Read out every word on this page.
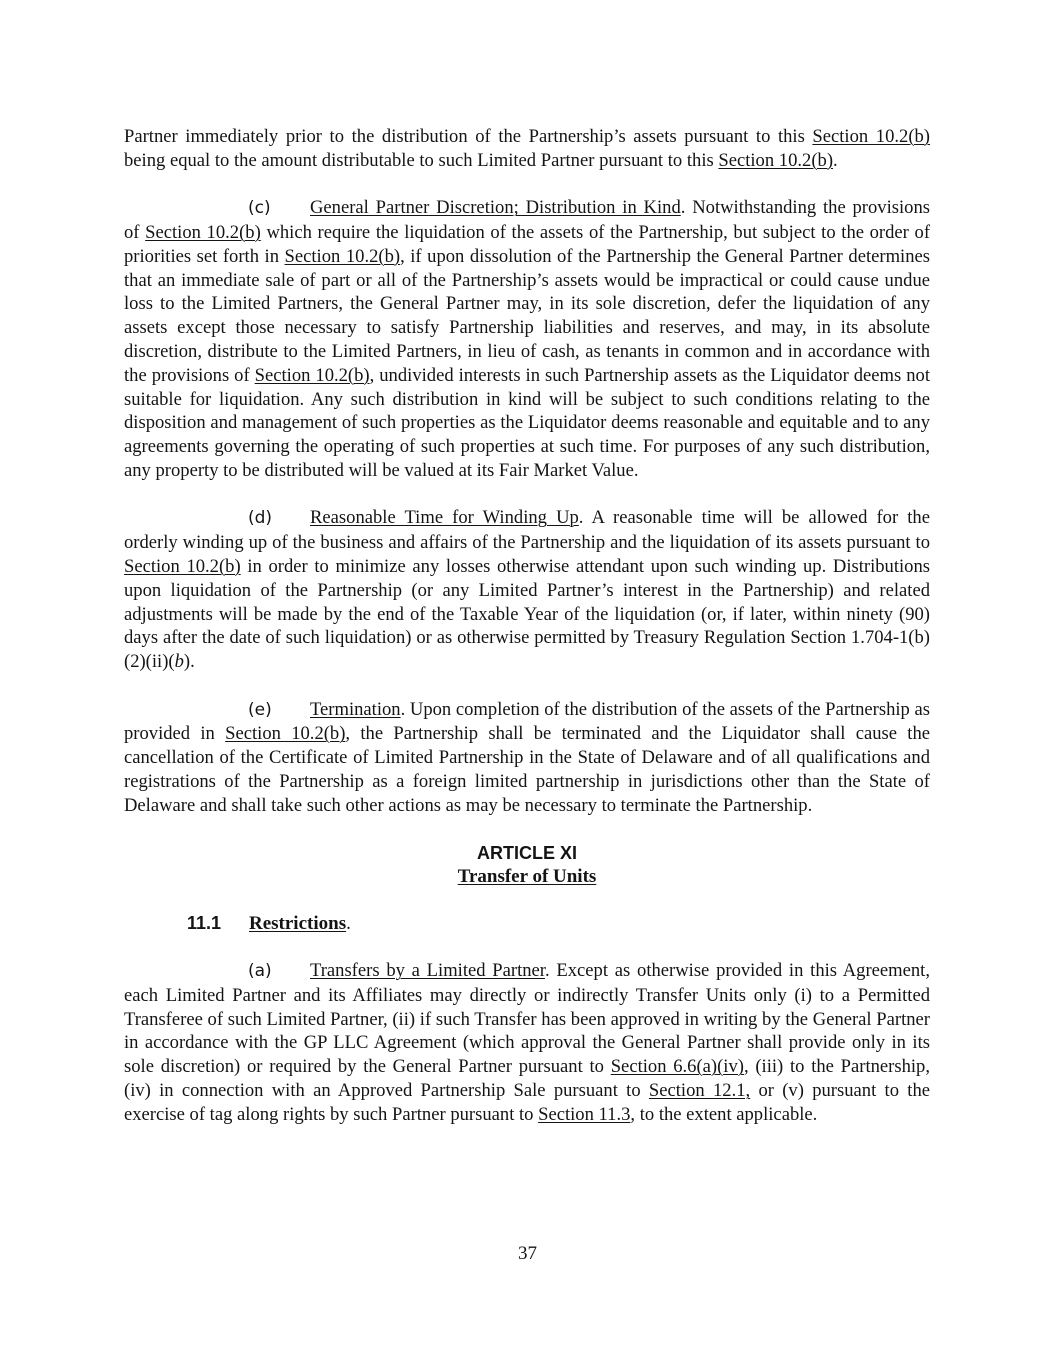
Partner immediately prior to the distribution of the Partnership’s assets pursuant to this Section 10.2(b) being equal to the amount distributable to such Limited Partner pursuant to this Section 10.2(b).

(c) General Partner Discretion; Distribution in Kind. Notwithstanding the provisions of Section 10.2(b) which require the liquidation of the assets of the Partnership, but subject to the order of priorities set forth in Section 10.2(b), if upon dissolution of the Partnership the General Partner determines that an immediate sale of part or all of the Partnership’s assets would be impractical or could cause undue loss to the Limited Partners, the General Partner may, in its sole discretion, defer the liquidation of any assets except those necessary to satisfy Partnership liabilities and reserves, and may, in its absolute discretion, distribute to the Limited Partners, in lieu of cash, as tenants in common and in accordance with the provisions of Section 10.2(b), undivided interests in such Partnership assets as the Liquidator deems not suitable for liquidation. Any such distribution in kind will be subject to such conditions relating to the disposition and management of such properties as the Liquidator deems reasonable and equitable and to any agreements governing the operating of such properties at such time. For purposes of any such distribution, any property to be distributed will be valued at its Fair Market Value.

(d) Reasonable Time for Winding Up. A reasonable time will be allowed for the orderly winding up of the business and affairs of the Partnership and the liquidation of its assets pursuant to Section 10.2(b) in order to minimize any losses otherwise attendant upon such winding up. Distributions upon liquidation of the Partnership (or any Limited Partner’s interest in the Partnership) and related adjustments will be made by the end of the Taxable Year of the liquidation (or, if later, within ninety (90) days after the date of such liquidation) or as otherwise permitted by Treasury Regulation Section 1.704-1(b)(2)(ii)(b).

(e) Termination. Upon completion of the distribution of the assets of the Partnership as provided in Section 10.2(b), the Partnership shall be terminated and the Liquidator shall cause the cancellation of the Certificate of Limited Partnership in the State of Delaware and of all qualifications and registrations of the Partnership as a foreign limited partnership in jurisdictions other than the State of Delaware and shall take such other actions as may be necessary to terminate the Partnership.

ARTICLE XI
Transfer of Units
11.1 Restrictions.

(a) Transfers by a Limited Partner. Except as otherwise provided in this Agreement, each Limited Partner and its Affiliates may directly or indirectly Transfer Units only (i) to a Permitted Transferee of such Limited Partner, (ii) if such Transfer has been approved in writing by the General Partner in accordance with the GP LLC Agreement (which approval the General Partner shall provide only in its sole discretion) or required by the General Partner pursuant to Section 6.6(a)(iv), (iii) to the Partnership, (iv) in connection with an Approved Partnership Sale pursuant to Section 12.1, or (v) pursuant to the exercise of tag along rights by such Partner pursuant to Section 11.3, to the extent applicable.

37
